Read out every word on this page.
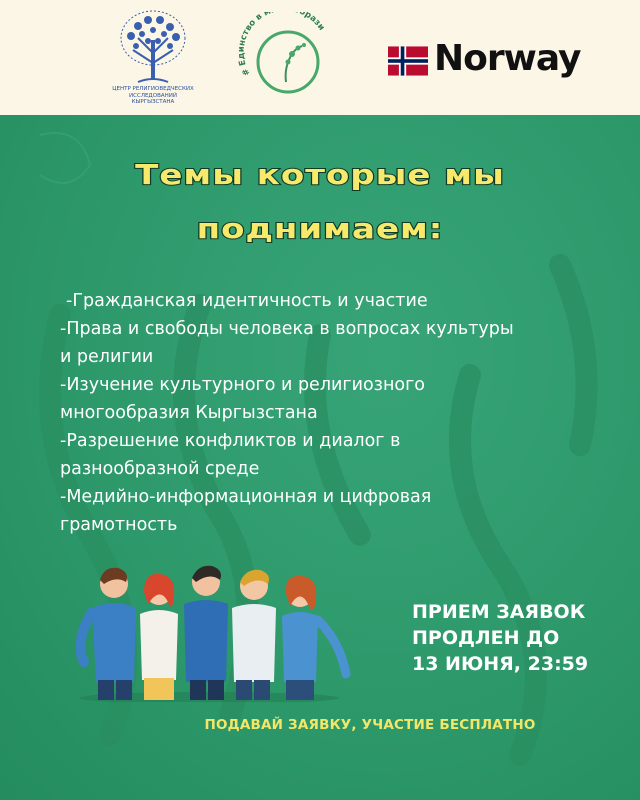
ЦЕНТР РЕЛИГИОВЕДЧЕСКИХ
ИССЛЕДОВАНИЙ
КЫРГЫЗСТАНА
# Единство в м брази
Norway
Темы которые мы
поднимаем:
-Гражданская идентичность и участие
-Права и свободы человека в вопросах культуры
и религии
-Изучение культурного и религиозного
многообразия Кыргызстана
-Разрешение конфликтов и диалог в
разнообразной среде
-Медийно-информационная и цифровая
грамотность
ПРИЕМ ЗАЯВОК
ПРОДЛЕН ДО
13 ИЮНЯ, 23:59
ПОДАВАЙ ЗАЯВКУ, УЧАСТИЕ БЕСПЛАТНО
